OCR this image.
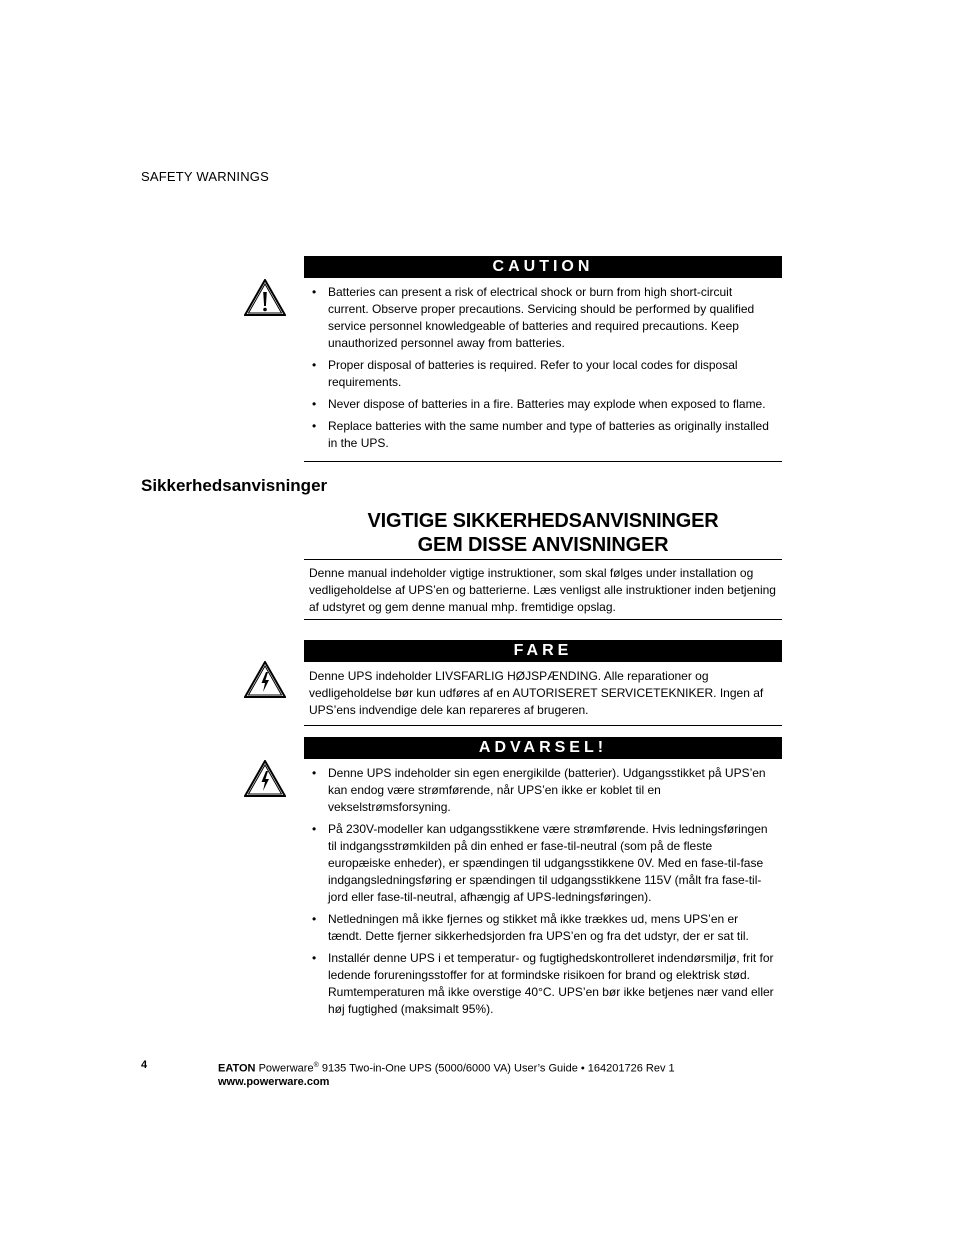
SAFETY WARNINGS
CAUTION
• Batteries can present a risk of electrical shock or burn from high short-circuit current. Observe proper precautions. Servicing should be performed by qualified service personnel knowledgeable of batteries and required precautions. Keep unauthorized personnel away from batteries.
• Proper disposal of batteries is required. Refer to your local codes for disposal requirements.
• Never dispose of batteries in a fire. Batteries may explode when exposed to flame.
• Replace batteries with the same number and type of batteries as originally installed in the UPS.
Sikkerhedsanvisninger
VIGTIGE SIKKERHEDSANVISNINGER
GEM DISSE ANVISNINGER
Denne manual indeholder vigtige instruktioner, som skal følges under installation og vedligeholdelse af UPS’en og batterierne. Læs venligst alle instruktioner inden betjening af udstyret og gem denne manual mhp. fremtidige opslag.
FARE
Denne UPS indeholder LIVSFARLIG HØJSPÆNDING. Alle reparationer og vedligeholdelse bør kun udføres af en AUTORISERET SERVICETEKNIKER. Ingen af UPS’ens indvendige dele kan repareres af brugeren.
ADVARSEL!
• Denne UPS indeholder sin egen energikilde (batterier). Udgangsstikket på UPS’en kan endog være strømførende, når UPS’en ikke er koblet til en vekselstrømsforsyning.
• På 230V-modeller kan udgangsstikkene være strømførende. Hvis ledningsføringen til indgangsstrømkilden på din enhed er fase-til-neutral (som på de fleste europæiske enheder), er spændingen til udgangsstikkene 0V. Med en fase-til-fase indgangsledningsføring er spændingen til udgangsstikkene 115V (målt fra fase-til-jord eller fase-til-neutral, afhængig af UPS-ledningsføringen).
• Netledningen må ikke fjernes og stikket må ikke trækkes ud, mens UPS’en er tændt. Dette fjerner sikkerhedsjorden fra UPS’en og fra det udstyr, der er sat til.
• Installér denne UPS i et temperatur- og fugtighedskontrolleret indendørsmiljø, frit for ledende forureningsstoffer for at formindske risikoen for brand og elektrisk stød. Rumtemperaturen må ikke overstige 40°C. UPS’en bør ikke betjenes nær vand eller høj fugtighed (maksimalt 95%).
4	EATON Powerware® 9135 Two-in-One UPS (5000/6000 VA) User’s Guide • 164201726 Rev 1
www.powerware.com
